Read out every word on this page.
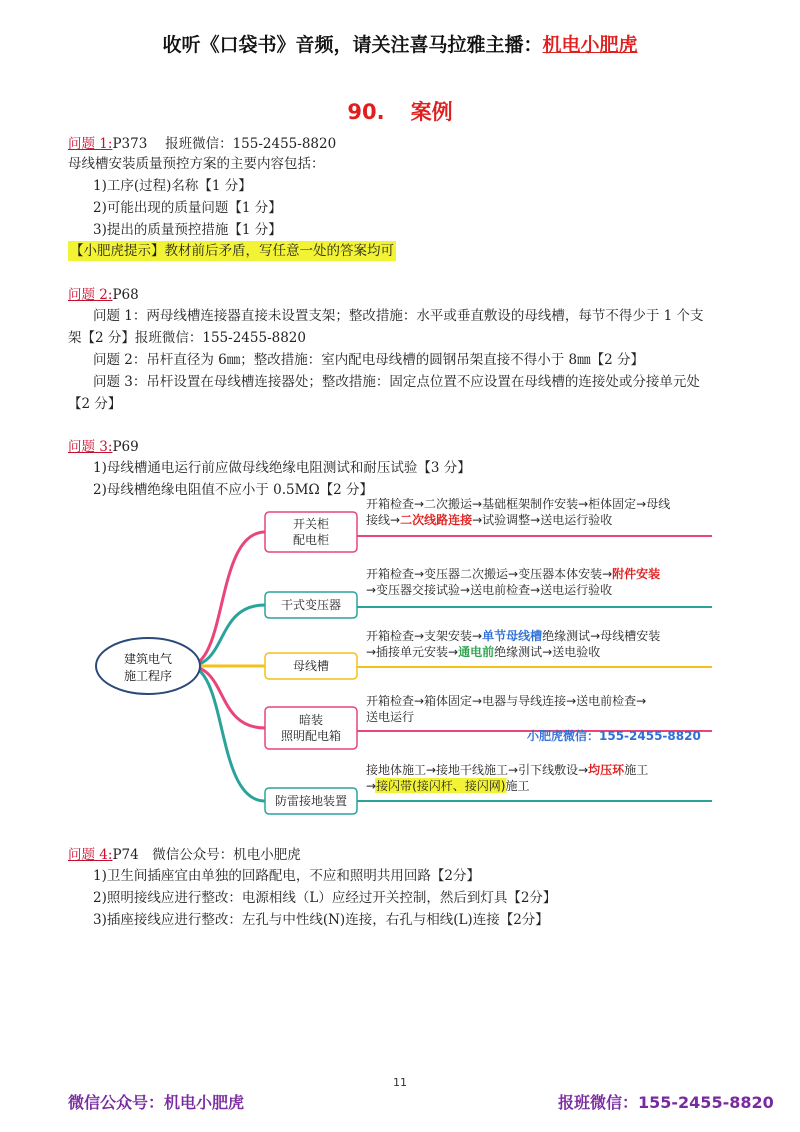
收听《口袋书》音频，请关注喜马拉雅主播：机电小肥虎
90. 案例
问题 1:P373　 报班微信：155-2455-8820
母线槽安装质量预控方案的主要内容包括：
1)工序(过程)名称【1 分】
2)可能出现的质量问题【1 分】
3)提出的质量预控措施【1 分】
【小肥虎提示】教材前后矛盾，写任意一处的答案均可
问题 2:P68
问题 1：两母线槽连接器直接未设置支架；整改措施：水平或垂直敷设的母线槽，每节不得少于 1 个支
架【2 分】报班微信：155-2455-8820
问题 2：吊杆直径为 6㎜；整改措施：室内配电母线槽的圆钢吊架直接不得小于 8㎜【2 分】
问题 3：吊杆设置在母线槽连接器处；整改措施：固定点位置不应设置在母线槽的连接处或分接单元处
【2 分】
问题 3:P69
1)母线槽通电运行前应做母线绝缘电阻测试和耐压试验【3 分】
2)母线槽绝缘电阻值不应小于 0.5MΩ【2 分】
开关柜
配电柜
开箱检查→二次搬运→基础框架制作安装→柜体固定→母线
接线→二次线路连接→试验调整→送电运行验收
干式变压器
开箱检查→变压器二次搬运→变压器本体安装→附件安装
→变压器交接试验→送电前检查→送电运行验收
母线槽
开箱检查→支架安装→单节母线槽绝缘测试→母线槽安装
→插接单元安装→通电前绝缘测试→送电验收
暗装
照明配电箱
开箱检查→箱体固定→电器与导线连接→送电前检查→
送电运行
防雷接地装置
接地体施工→接地干线施工→引下线敷设→均压环施工
→接闪带(接闪杆、接闪网)施工
小肥虎微信：155-2455-8820
建筑电气
施工程序
问题 4:P74　微信公众号：机电小肥虎
1)卫生间插座宜由单独的回路配电，不应和照明共用回路【2分】
2)照明接线应进行整改：电源相线（L）应经过开关控制，然后到灯具【2分】
3)插座接线应进行整改：左孔与中性线(N)连接，右孔与相线(L)连接【2分】
11
微信公众号：机电小肥虎	报班微信：155-2455-8820
